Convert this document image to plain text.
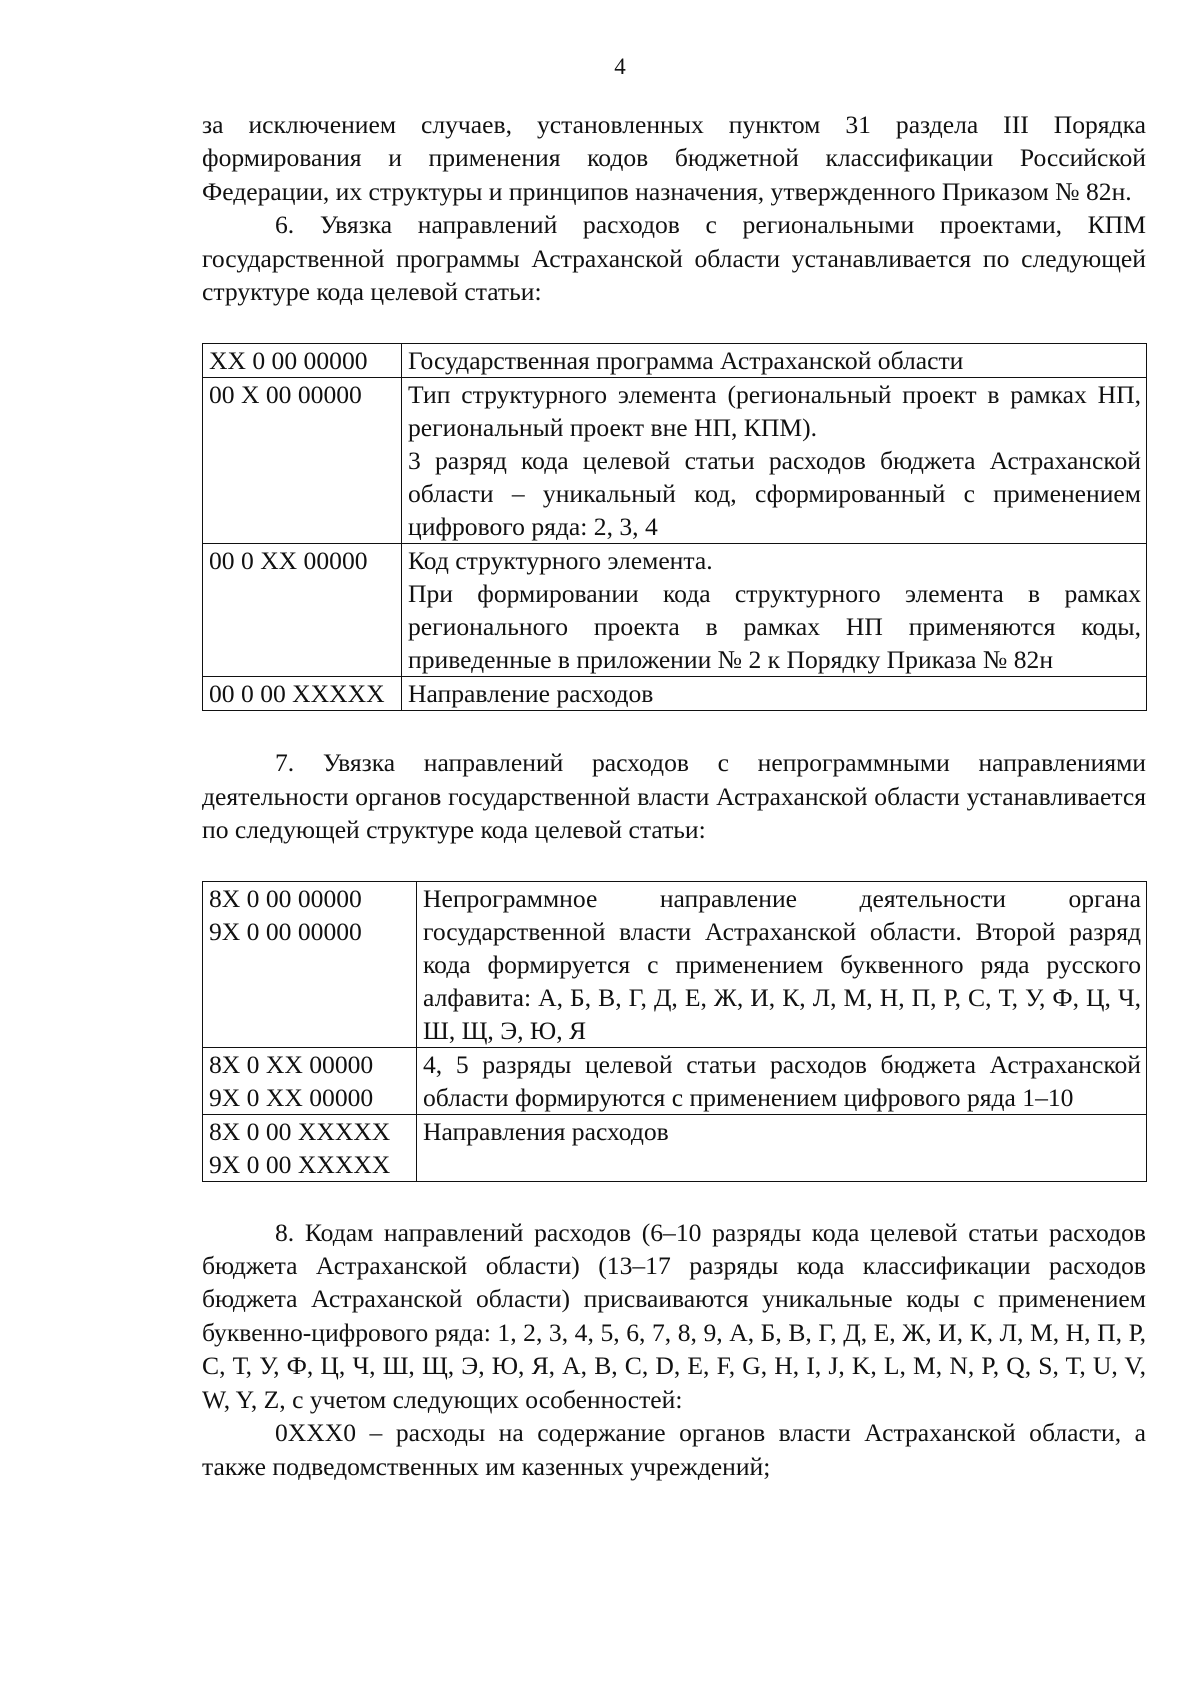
4

за исключением случаев, установленных пунктом 31 раздела III Порядка формирования и применения кодов бюджетной классификации Российской Федерации, их структуры и принципов назначения, утвержденного Приказом № 82н.

6. Увязка направлений расходов с региональными проектами, КПМ государственной программы Астраханской области устанавливается по следующей структуре кода целевой статьи:

XX 0 00 00000	Государственная программа Астраханской области

00 X 00 00000	Тип структурного элемента (региональный проект в рамках НП, региональный проект вне НП, КПМ).
3 разряд кода целевой статьи расходов бюджета Астраханской области – уникальный код, сформированный с применением цифрового ряда: 2, 3, 4

00 0 XX 00000	Код структурного элемента.
При формировании кода структурного элемента в рамках регионального проекта в рамках НП применяются коды, приведенные в приложении № 2 к Порядку Приказа № 82н

00 0 00 XXXXX	Направление расходов

7. Увязка направлений расходов с непрограммными направлениями деятельности органов государственной власти Астраханской области устанавливается по следующей структуре кода целевой статьи:

8X 0 00 00000
9X 0 00 00000	Непрограммное направление деятельности органа государственной власти Астраханской области. Второй разряд кода формируется с применением буквенного ряда русского алфавита: А, Б, В, Г, Д, Е, Ж, И, К, Л, М, Н, П, Р, С, Т, У, Ф, Ц, Ч, Ш, Щ, Э, Ю, Я

8X 0 XX 00000
9X 0 XX 00000	4, 5 разряды целевой статьи расходов бюджета Астраханской области формируются с применением цифрового ряда 1–10

8X 0 00 XXXXX
9X 0 00 XXXXX	Направления расходов

8. Кодам направлений расходов (6–10 разряды кода целевой статьи расходов бюджета Астраханской области) (13–17 разряды кода классификации расходов бюджета Астраханской области) присваиваются уникальные коды с применением буквенно-цифрового ряда: 1, 2, 3, 4, 5, 6, 7, 8, 9, А, Б, В, Г, Д, Е, Ж, И, К, Л, М, Н, П, Р, С, Т, У, Ф, Ц, Ч, Ш, Щ, Э, Ю, Я, A, B, C, D, E, F, G, H, I, J, K, L, M, N, P, Q, S, T, U, V, W, Y, Z, с учетом следующих особенностей:

0ХХХ0 – расходы на содержание органов власти Астраханской области, а также подведомственных им казенных учреждений;
